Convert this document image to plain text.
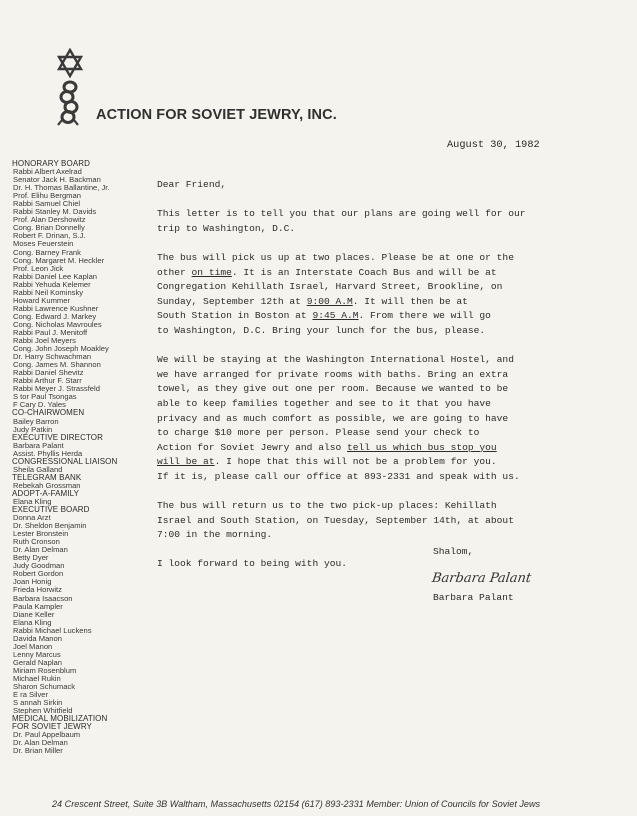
ACTION FOR SOVIET JEWRY, INC.
August 30, 1982
HONORARY BOARD
Rabbi Albert Axelrad
Senator Jack H. Backman
Dr. H. Thomas Ballantine, Jr.
Prof. Elihu Bergman
Rabbi Samuel Chiel
Rabbi Stanley M. Davids
Prof. Alan Dershowitz
Cong. Brian Donnelly
Robert F. Drinan, S.J.
Moses Feuerstein
Cong. Barney Frank
Cong. Margaret M. Heckler
Prof. Leon Jick
Rabbi Daniel Lee Kaplan
Rabbi Yehuda Kelemer
Rabbi Neil Kominsky
Howard Kummer
Rabbi Lawrence Kushner
Cong. Edward J. Markey
Cong. Nicholas Mavroules
Rabbi Paul J. Menitoff
Rabbi Joel Meyers
Cong. John Joseph Moakley
Dr. Harry Schwachman
Cong. James M. Shannon
Rabbi Daniel Shevitz
Rabbi Arthur F. Starr
Rabbi Meyer J. Strassfeld
S tor Paul Tsongas
F Cary D. Yales
CO-CHAIRWOMEN
Bailey Barron
Judy Patkin
EXECUTIVE DIRECTOR
Barbara Palant
Assist. Phyllis Herda
CONGRESSIONAL LIAISON
Sheila Galland
TELEGRAM BANK
Rebekah Grossman
ADOPT-A-FAMILY
Elana Kling
EXECUTIVE BOARD
Donna Arzt
Dr. Sheldon Benjamin
Lester Bronstein
Ruth Cronson
Dr. Alan Delman
Betty Dyer
Judy Goodman
Robert Gordon
Joan Honig
Frieda Horwitz
Barbara Isaacson
Paula Kampler
Diane Keller
Elana Kling
Rabbi Michael Luckens
Davida Manon
Joel Manon
Lenny Marcus
Gerald Naplan
Miriam Rosenblum
Michael Rukin
Sharon Schumack
E ra Silver
S annah Sirkin
Stephen Whitfield
MEDICAL MOBILIZATION
FOR SOVIET JEWRY
Dr. Paul Appelbaum
Dr. Alan Delman
Dr. Brian Miller

Dear Friend,

This letter is to tell you that our plans are going well for our
trip to Washington, D.C.

The bus will pick us up at two places. Please be at one or the
other on time. It is an Interstate Coach Bus and will be at
Congregation Kehillath Israel, Harvard Street, Brookline, on
Sunday, September 12th at 9:00 A.M. It will then be at
South Station in Boston at 9:45 A.M. From there we will go
to Washington, D.C. Bring your lunch for the bus, please.

We will be staying at the Washington International Hostel, and
we have arranged for private rooms with baths. Bring an extra
towel, as they give out one per room. Because we wanted to be
able to keep families together and see to it that you have
privacy and as much comfort as possible, we are going to have
to charge $10 more per person. Please send your check to
Action for Soviet Jewry and also tell us which bus stop you
will be at. I hope that this will not be a problem for you.
If it is, please call our office at 893-2331 and speak with us.

The bus will return us to the two pick-up places: Kehillath
Israel and South Station, on Tuesday, September 14th, at about
7:00 in the morning.

I look forward to being with you.

Shalom,
Barbara Palant
Barbara Palant
24 Crescent Street, Suite 3B Waltham, Massachusetts 02154 (617) 893-2331 Member: Union of Councils for Soviet Jews
